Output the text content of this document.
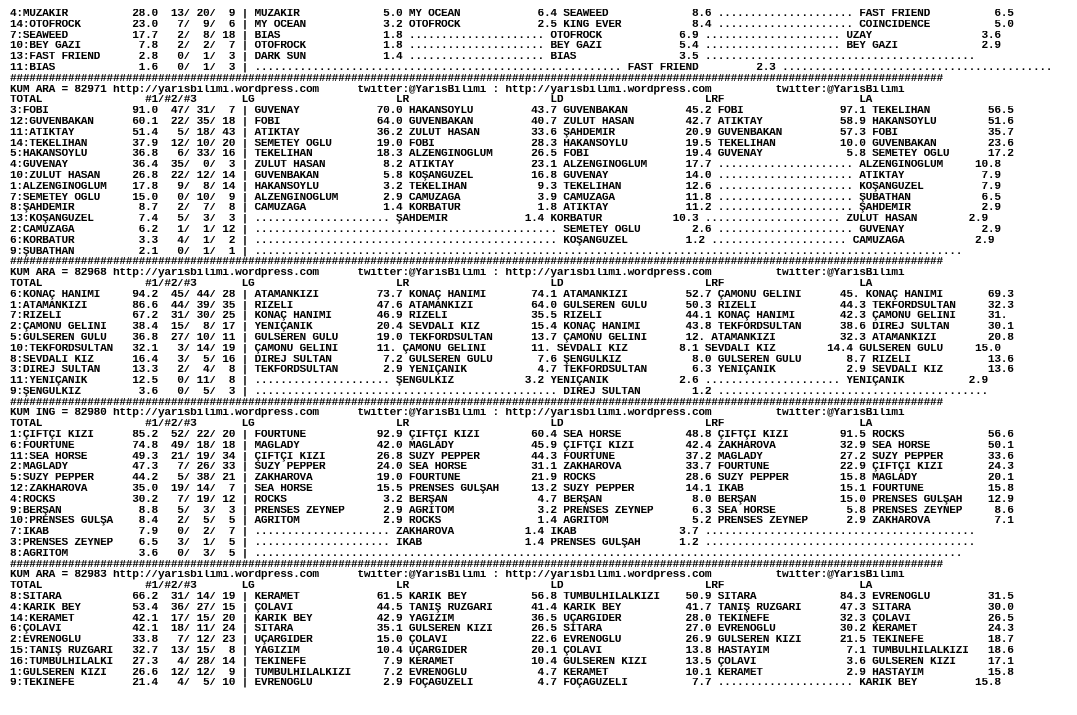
4:MÜZAKİR          28.0  13/ 20/  9 | MÜZAKİR             5.0 MY OCEAN            6.4 SEAWEED             8.6 ..................... FAST FRIEND          6.5
14:OTOFROCK        23.0   7/  9/  6 | MY OCEAN            3.2 OTOFROCK            2.5 KING EVER           8.4 ..................... COINCIDENCE          5.0
7:SEAWEED          17.7   2/  8/ 18 | BIAS                1.8 ..................... OTOFROCK            6.9 ..................... UZAY                 3.6
10:BEY GAZİ         7.8   2/  2/  7 | OTOFROCK            1.8 ..................... BEY GAZİ            5.4 ..................... BEY GAZİ             2.9
13:FAST FRIEND      2.8   0/  1/  3 | DARK SUN            1.4 ..................... BIAS                3.5 ..........................................
11:BIAS             1.6   0/  1/  3 | ......................................................... FAST FRIEND         2.3 ..........................................
#################################################################################################################################################
KUM ARA = 82971 http://yarisbilimi.wordpress.com      twitter:@YarisBilimi : http://yarisbilimi.wordpress.com          twitter:@YarisBilimi
TOTAL                #1/#2/#3       LG                      LR                      LD                      LRF                     LA
3:FOBİ             91.0  47/ 31/  7 | GÜVENAY            70.0 HAKANSOYLU         43.7 GÜVENBAKAN         45.2 FOBİ               97.1 TEKELİHAN         56.5
12:GÜVENBAKAN      60.1  22/ 35/ 18 | FOBİ               64.0 GÜVENBAKAN         40.7 ZULUT HASAN        42.7 ATİKTAY            58.9 HAKANSOYLU        51.6
11:ATİKTAY         51.4   5/ 18/ 43 | ATİKTAY            36.2 ZULUT HASAN        33.6 ŞAHDEMİR           20.9 GÜVENBAKAN         57.3 FOBİ              35.7
14:TEKELİHAN       37.9  12/ 10/ 20 | SEMETEY OĞLU       19.0 FOBİ               28.3 HAKANSOYLU         19.5 TEKELİHAN          10.0 GÜVENBAKAN        23.6
5:HAKANSOYLU       36.8   6/ 33/ 16 | TEKELİHAN          18.3 ALZENGİNOĞLUM      26.5 FOBİ               19.4 GÜVENAY             5.8 SEMETEY OĞLU      17.2
4:GÜVENAY          36.4  35/  0/  3 | ZULUT HASAN         8.2 ATİKTAY            23.1 ALZENGİNOĞLUM      17.7 ..................... ALZENGİNOĞLUM     10.8
10:ZULUT HASAN     26.8  22/ 12/ 14 | GÜVENBAKAN          5.8 KOŞANGÜZEL         16.8 GÜVENAY            14.0 ..................... ATİKTAY            7.9
1:ALZENGİNOĞLUM    17.8   9/  8/ 14 | HAKANSOYLU          3.2 TEKELİHAN           9.3 TEKELİHAN          12.6 ..................... KOŞANGÜZEL         7.9
7:SEMETEY OĞLU     15.0   0/ 10/  9 | ALZENGİNOĞLUM       2.9 CAMUZAĞA            3.9 CAMUZAĞA           11.8 ..................... ŞUBATHAN           6.5
8:ŞAHDEMİR          8.7   2/  7/  8 | CAMUZAĞA            1.4 KORBATUR            1.8 ATİKTAY            11.2 ..................... ŞAHDEMİR           2.9
13:KOŞANGÜZEL       7.4   5/  3/  3 | ..................... ŞAHDEMİR            1.4 KORBATUR           10.3 ..................... ZULUT HASAN        2.9
2:CAMUZAĞA          6.2   1/  1/ 12 | ............................................... SEMETEY OĞLU        2.6 ..................... GÜVENAY            2.9
6:KORBATUR          3.3   4/  1/  2 | ............................................... KOŞANGÜZEL         1.2 ..................... CAMUZAĞA           2.9
9:ŞUBATHAN          2.1   0/  1/  1 | ..............................................................................................................
#################################################################################################################################################
KUM ARA = 82968 http://yarisbilimi.wordpress.com      twitter:@YarisBilimi : http://yarisbilimi.wordpress.com          twitter:@YarisBilimi
TOTAL                #1/#2/#3       LG                      LR                      LD                      LRF                     LA
6:KONAÇ HANIMI     94.2  45/ 44/ 28 | ATAMANKIZI         73.7 KONAÇ HANIMI       74.1 ATAMANKIZI         52.7 ÇAMÖNÜ GELİNİ      45. KONAÇ HANIMI       69.3
1:ATAMANKIZI       86.6  44/ 39/ 35 | RİZELİ             47.6 ATAMANKIZI         64.0 GÜLSEREN GÜLÜ      50.3 RİZELİ             44.3 TEKFORDSULTAN     32.3
7:RİZELİ           67.2  31/ 30/ 25 | KONAÇ HANIMI       46.9 RİZELİ             35.5 RİZELİ             44.1 KONAÇ HANIMI       42.3 ÇAMÖNÜ GELİNİ     31.
2:ÇAMÖNÜ GELİNİ    38.4  15/  8/ 17 | YENİÇANIK          20.4 SEVDALI KIZ        15.4 KONAÇ HANIMI       43.8 TEKFORDSULTAN      38.6 DİREJ SULTAN      30.1
5:GÜLSEREN GÜLÜ    36.8  27/ 10/ 11 | GÜLSEREN GÜLÜ      19.0 TEKFORDSULTAN      13.7 ÇAMÖNÜ GELİNİ      12. ATAMANKIZI          32.3 ATAMANKIZI        20.8
10:TEKFORDSULTAN   32.1   3/ 14/ 19 | ÇAMÖNÜ GELİNİ      11. ÇAMÖNÜ GELİNİ       11. SEVDALI KIZ        8.1 SEVDALI KIZ        14.4 GÜLSEREN GÜLÜ     15.0
8:SEVDALI KIZ      16.4   3/  5/ 16 | DİREJ SULTAN        7.2 GÜLSEREN GÜLÜ       7.6 ŞENGÜLKIZ           8.0 GÜLSEREN GÜLÜ       8.7 RİZELİ            13.6
3:DİREJ SULTAN     13.3   2/  4/  8 | TEKFORDSULTAN       2.9 YENİÇANIK           4.7 TEKFORDSULTAN       6.3 YENİÇANIK           2.9 SEVDALI KIZ       13.6
11:YENİÇANIK       12.5   0/ 11/  8 | ..................... ŞENGÜLKIZ           3.2 YENİÇANIK           2.6 ..................... YENİÇANIK          2.9
9:ŞENGÜLKIZ         3.6   0/  5/  3 | ............................................... DİREJ SULTAN        1.2 ..........................................
#################################################################################################################################################
KUM ING = 82980 http://yarisbilimi.wordpress.com      twitter:@YarisBilimi : http://yarisbilimi.wordpress.com          twitter:@YarisBilimi
TOTAL                #1/#2/#3       LG                      LR                      LD                      LRF                     LA
1:ÇİFTÇİ KIZI      85.2  52/ 22/ 20 | FOURTUNE           92.9 ÇİFTÇİ KIZI        60.4 SEA HORSE          48.8 ÇİFTÇİ KIZI        91.5 ROCKS             56.6
6:FOURTUNE         74.8  49/ 18/ 18 | MAGLADY            42.0 MAGLADY            45.9 ÇİFTÇİ KIZI        42.4 ZAKHAROVA          32.9 SEA HORSE         50.1
11:SEA HORSE       49.3  21/ 19/ 34 | ÇİFTÇİ KIZI        26.8 SUZY PEPPER        44.3 FOURTUNE           37.2 MAGLADY            27.2 SUZY PEPPER       33.6
2:MAGLADY          47.3   7/ 26/ 33 | SUZY PEPPER        24.0 SEA HORSE          31.1 ZAKHAROVA          33.7 FOURTUNE           22.9 ÇİFTÇİ KIZI       24.3
5:SUZY PEPPER      44.2   5/ 38/ 21 | ZAKHAROVA          19.0 FOURTUNE           21.9 ROCKS              28.6 SUZY PEPPER        15.8 MAGLADY           20.1
12:ZAKHAROVA       35.0  19/ 14/  7 | SEA HORSE          15.5 PRENSES GÜLŞAH     13.2 SUZY PEPPER        14.1 İKAB               15.1 FOURTUNE          15.8
4:ROCKS            30.2   7/ 19/ 12 | ROCKS               3.2 BERŞAN              4.7 BERŞAN              8.0 BERŞAN             15.0 PRENSES GÜLŞAH    12.9
9:BERŞAN            8.8   5/  3/  3 | PRENSES ZEYNEP      2.9 AGRİTOM             3.2 PRENSES ZEYNEP      6.3 SEA HORSE           5.8 PRENSES ZEYNEP     8.6
10:PRENSES GÜLŞA    8.4   2/  5/  5 | AGRİTOM             2.9 ROCKS               1.4 AGRİTOM             5.2 PRENSES ZEYNEP      2.9 ZAKHAROVA          7.1
7:İKAB              7.9   0/  2/  7 | ..................... ZAKHAROVA           1.4 İKAB                3.7 ..........................................
3:PRENSES ZEYNEP    6.5   3/  1/  5 | ..................... İKAB                1.4 PRENSES GÜLŞAH      1.2 ..........................................
8:AGRİTOM           3.6   0/  3/  5 | ..............................................................................................................
#################################################################################################################################################
KUM ARA = 82983 http://yarisbilimi.wordpress.com      twitter:@YarisBilimi : http://yarisbilimi.wordpress.com          twitter:@YarisBilimi
TOTAL                #1/#2/#3       LG                      LR                      LD                      LRF                     LA
8:SITARA           66.2  31/ 14/ 19 | KERAMET            61.5 KARIK BEY          56.8 TUMBULHİLALKIZI    50.9 SITARA             84.3 EVRENOĞLU         31.5
4:KARIK BEY        53.4  36/ 27/ 15 | ÇOLAVİ             44.5 TANIŞ RÜZGARI      41.4 KARIK BEY          41.7 TANIŞ RÜZGARI      47.3 SITARA            30.0
14:KERAMET         42.1  17/ 15/ 20 | KARIK BEY          42.9 YAĞIZIM            36.5 UÇARGİDER          28.0 TEKİNEFE           32.3 ÇOLAVİ            26.5
6:ÇOLAVİ           42.1  18/ 11/ 24 | SITARA             35.1 GÜLSEREN KIZI      26.5 SITARA             27.0 EVRENOĞLU          30.2 KERAMET           24.3
2:EVRENOĞLU        33.8   7/ 12/ 23 | UÇARGİDER          15.0 ÇOLAVİ             22.6 EVRENOĞLU          26.9 GÜLSEREN KIZI      21.5 TEKİNEFE          18.7
15:TANIŞ RÜZGARI   32.7  13/ 15/  8 | YAĞIZIM            10.4 UÇARGİDER          20.1 ÇOLAVİ             13.8 HASTAYIM            7.1 TUMBULHİLALKIZI   18.6
16:TUMBULHİLALKI   27.3   4/ 28/ 14 | TEKİNEFE            7.9 KERAMET            10.4 GÜLSEREN KIZI      13.5 ÇOLAVİ              3.6 GÜLSEREN KIZI     17.1
1:GÜLSEREN KIZI    26.6  12/ 12/  9 | TUMBULHİLALKIZI     7.2 EVRENOĞLU           4.7 KERAMET            10.1 KERAMET             2.9 HASTAYIM          15.8
9:TEKİNEFE         21.4   4/  5/ 10 | EVRENOĞLU           2.9 FOÇAGÜZELİ          4.7 FOÇAGÜZELİ          7.7 ..................... KARIK BEY         15.8
